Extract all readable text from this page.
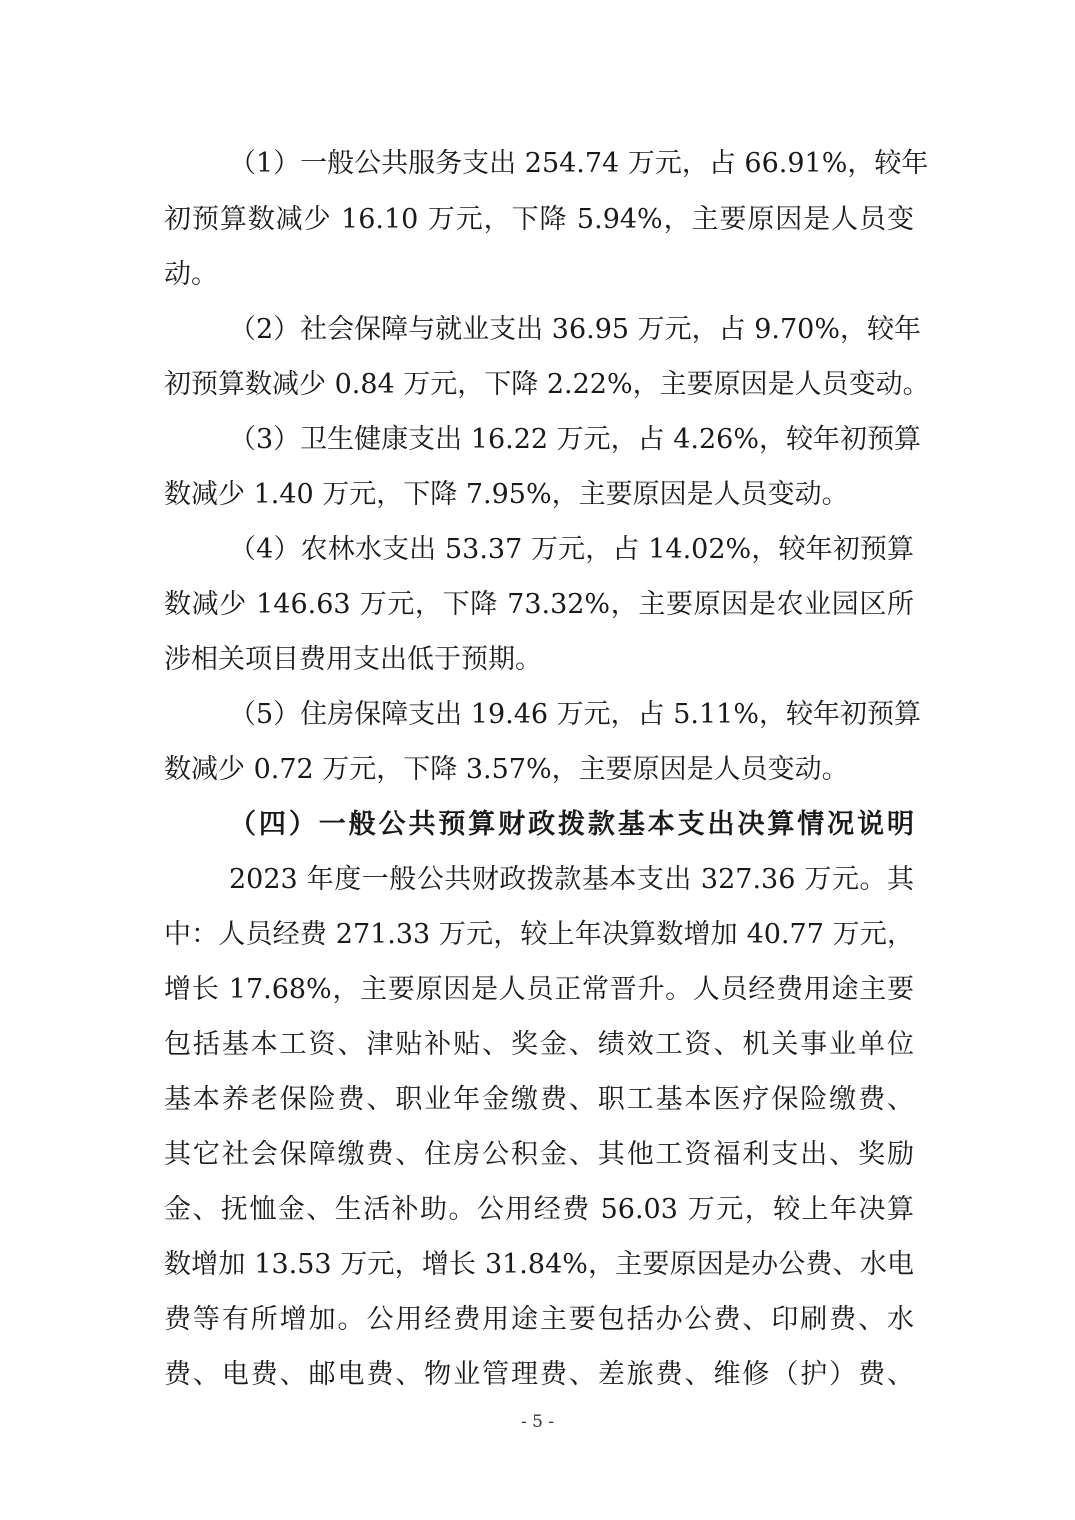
（1）一般公共服务支出 254.74 万元，占 66.91%，较年

初预算数减少 16.10 万元，下降 5.94%，主要原因是人员变

动。

（2）社会保障与就业支出 36.95 万元，占 9.70%，较年

初预算数减少 0.84 万元，下降 2.22%，主要原因是人员变动。

（3）卫生健康支出 16.22 万元，占 4.26%，较年初预算

数减少 1.40 万元，下降 7.95%，主要原因是人员变动。

（4）农林水支出 53.37 万元，占 14.02%，较年初预算

数减少 146.63 万元，下降 73.32%，主要原因是农业园区所

涉相关项目费用支出低于预期。

（5）住房保障支出 19.46 万元，占 5.11%，较年初预算

数减少 0.72 万元，下降 3.57%，主要原因是人员变动。

（四）一般公共预算财政拨款基本支出决算情况说明

2023 年度一般公共财政拨款基本支出 327.36 万元。其

中：人员经费 271.33 万元，较上年决算数增加 40.77 万元，

增长 17.68%，主要原因是人员正常晋升。人员经费用途主要

包括基本工资、津贴补贴、奖金、绩效工资、机关事业单位

基本养老保险费、职业年金缴费、职工基本医疗保险缴费、

其它社会保障缴费、住房公积金、其他工资福利支出、奖励

金、抚恤金、生活补助。公用经费 56.03 万元，较上年决算

数增加 13.53 万元，增长 31.84%，主要原因是办公费、水电

费等有所增加。公用经费用途主要包括办公费、印刷费、水

费、电费、邮电费、物业管理费、差旅费、维修（护）费、

- 5 -
